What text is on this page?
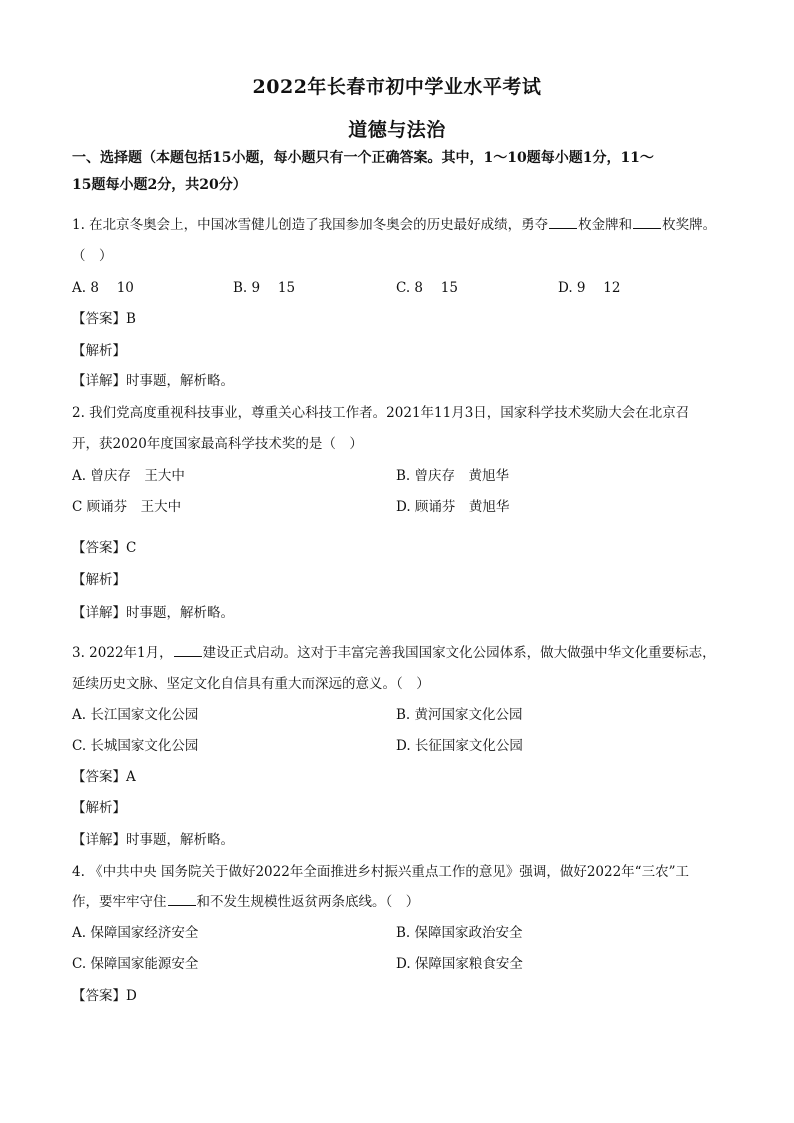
2022年长春市初中学业水平考试
道德与法治
一、选择题（本题包括15小题，每小题只有一个正确答案。其中，1～10题每小题1分，11～
15题每小题2分，共20分）
1. 在北京冬奥会上，中国冰雪健儿创造了我国参加冬奥会的历史最好成绩，勇夺 枚金牌和 枚奖牌。
（　）
A. 8　 10	B. 9　 15	C. 8　 15	D. 9　 12
【答案】B
【解析】
【详解】时事题，解析略。
2. 我们党高度重视科技事业，尊重关心科技工作者。2021年11月3日，国家科学技术奖励大会在北京召
开，获2020年度国家最高科学技术奖的是（　）
A. 曾庆存　王大中	B. 曾庆存　黄旭华
C 顾诵芬　王大中	D. 顾诵芬　黄旭华
【答案】C
【解析】
【详解】时事题，解析略。
3. 2022年1月， 建设正式启动。这对于丰富完善我国国家文化公园体系，做大做强中华文化重要标志，
延续历史文脉、坚定文化自信具有重大而深远的意义。（　）
A. 长江国家文化公园	B. 黄河国家文化公园
C. 长城国家文化公园	D. 长征国家文化公园
【答案】A
【解析】
【详解】时事题，解析略。
4. 《中共中央 国务院关于做好2022年全面推进乡村振兴重点工作的意见》强调，做好2022年“三农”工
作，要牢牢守住 和不发生规模性返贫两条底线。（　）
A. 保障国家经济安全	B. 保障国家政治安全
C. 保障国家能源安全	D. 保障国家粮食安全
【答案】D
